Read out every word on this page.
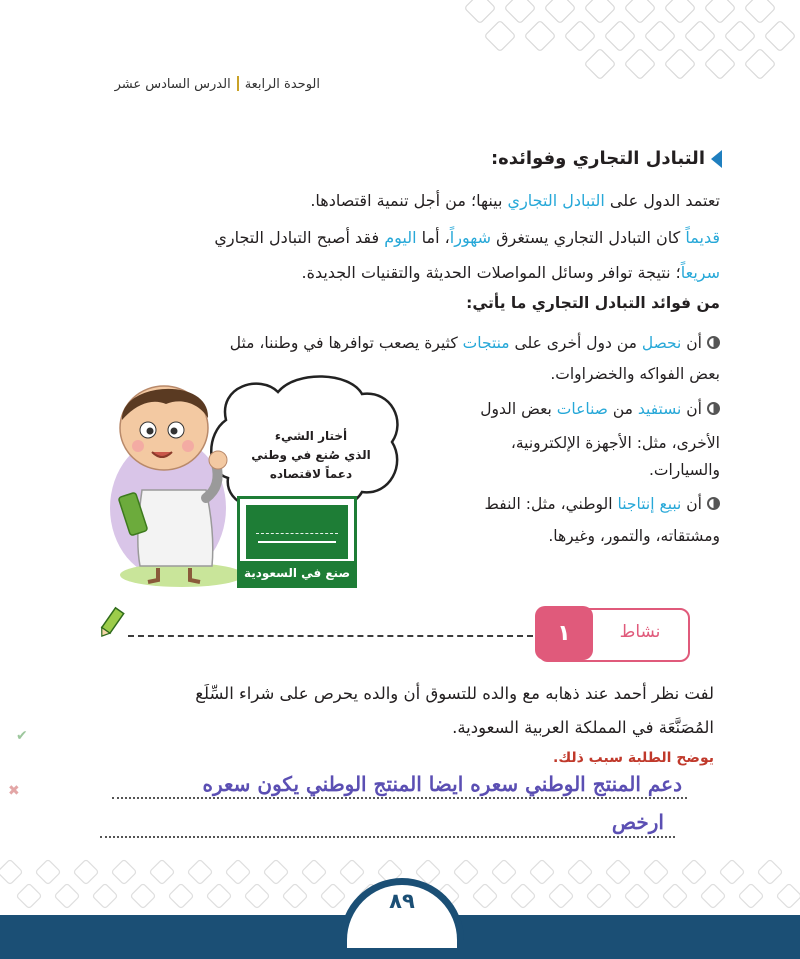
✔
✖
الوحدة الرابعةالدرس السادس عشر
التبادل التجاري وفوائده:
تعتمد الدول على التبادل التجاري بينها؛ من أجل تنمية اقتصادها.
قديماً كان التبادل التجاري يستغرق شهوراً، أما اليوم فقد أصبح التبادل التجاري
سريعاً؛ نتيجة توافر وسائل المواصلات الحديثة والتقنيات الجديدة.
من فوائد التبادل التجاري ما يأتي:
أن نحصل من دول أخرى على منتجات كثيرة يصعب توافرها في وطننا، مثل
بعض الفواكه والخضراوات.
أن نستفيد من صناعات بعض الدول
الأخرى، مثل: الأجهزة الإلكترونية،
والسيارات.
أن نبيع إنتاجنا الوطني، مثل: النفط
ومشتقاته، والتمور، وغيرها.
أختار الشيء
الذي صُنع في وطني
دعماً لاقتصاده
صنع في السعودية
١	نشاط
لفت نظر أحمد عند ذهابه مع والده للتسوق أن والده يحرص على شراء السِّلَع
المُصَنَّعَة في المملكة العربية السعودية.
يوضح الطلبة سبب ذلك.
دعم المنتج الوطني سعره ايضا المنتج الوطني يكون سعره
ارخص
٨٩
